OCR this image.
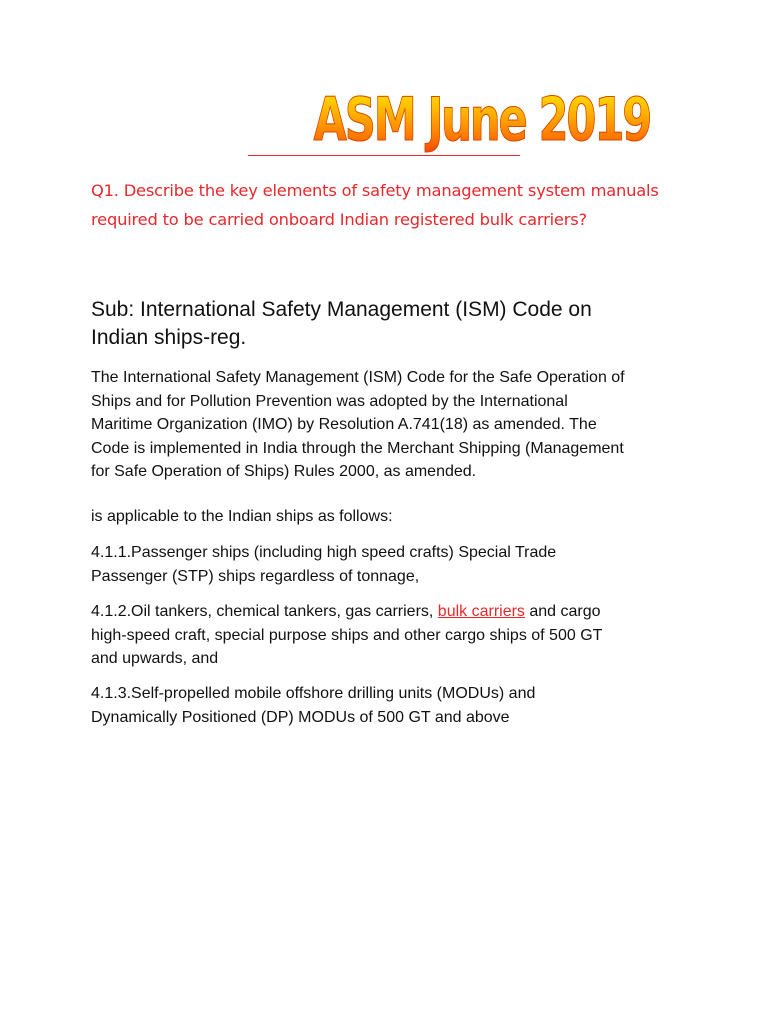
ASM June 2019
Q1. Describe the key elements of safety management system manuals
required to be carried onboard Indian registered bulk carriers?
Sub: International Safety Management (ISM) Code on
Indian ships-reg.
The International Safety Management (ISM) Code for the Safe Operation of
Ships and for Pollution Prevention was adopted by the International
Maritime Organization (IMO) by Resolution A.741(18) as amended. The
Code is implemented in India through the Merchant Shipping (Management
for Safe Operation of Ships) Rules 2000, as amended.
is applicable to the Indian ships as follows:
4.1.1.Passenger ships (including high speed crafts) Special Trade
Passenger (STP) ships regardless of tonnage,
4.1.2.Oil tankers, chemical tankers, gas carriers, bulk carriers and cargo
high-speed craft, special purpose ships and other cargo ships of 500 GT
and upwards, and
4.1.3.Self-propelled mobile offshore drilling units (MODUs) and
Dynamically Positioned (DP) MODUs of 500 GT and above
